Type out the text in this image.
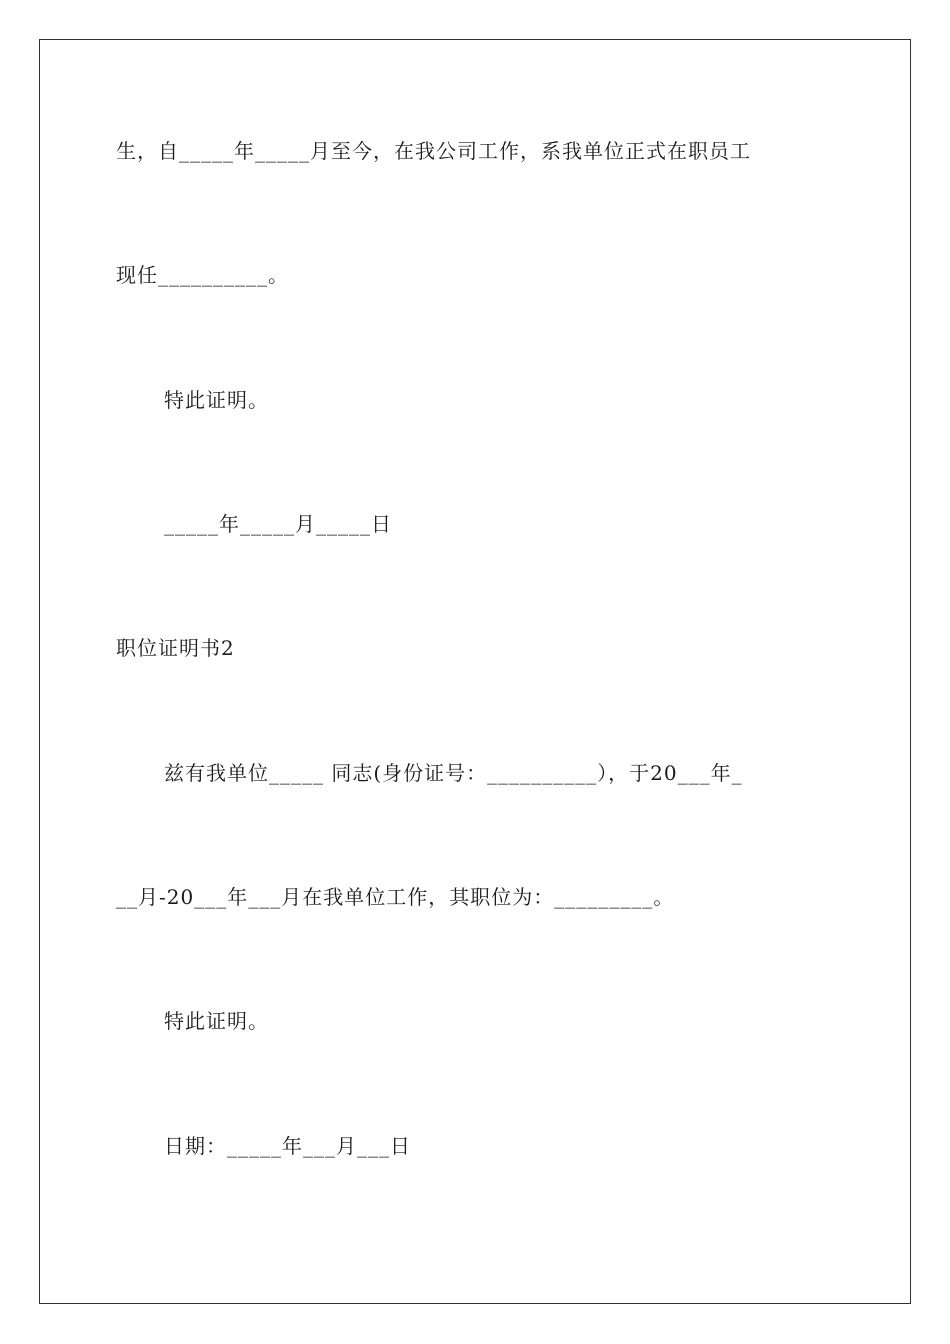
生，自_____年_____月至今，在我公司工作，系我单位正式在职员工
现任__________。
特此证明。
_____年_____月_____日
职位证明书2
兹有我单位_____ 同志(身份证号：__________），于20___年_
__月-20___年___月在我单位工作，其职位为：_________。
特此证明。
日期：_____年___月___日
